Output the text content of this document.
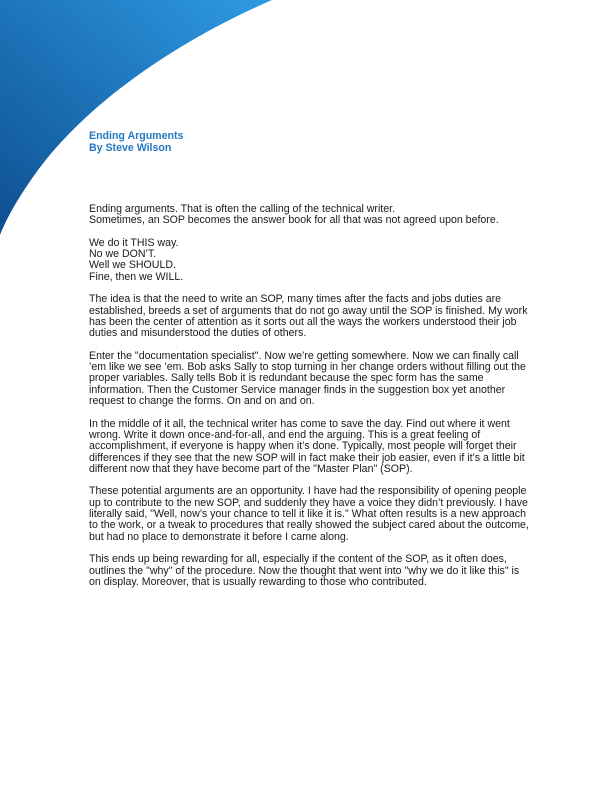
Ending Arguments
By Steve Wilson

Ending arguments. That is often the calling of the technical writer.
Sometimes, an SOP becomes the answer book for all that was not agreed upon before.

We do it THIS way.
No we DON’T.
Well we SHOULD.
Fine, then we WILL.

The idea is that the need to write an SOP, many times after the facts and jobs duties are established, breeds a set of arguments that do not go away until the SOP is finished. My work has been the center of attention as it sorts out all the ways the workers understood their job duties and misunderstood the duties of others.

Enter the "documentation specialist". Now we’re getting somewhere. Now we can finally call ’em like we see ’em. Bob asks Sally to stop turning in her change orders without filling out the proper variables. Sally tells Bob it is redundant because the spec form has the same information. Then the Customer Service manager finds in the suggestion box yet another request to change the forms. On and on and on.

In the middle of it all, the technical writer has come to save the day. Find out where it went wrong. Write it down once-and-for-all, and end the arguing. This is a great feeling of accomplishment, if everyone is happy when it’s done. Typically, most people will forget their differences if they see that the new SOP will in fact make their job easier, even if it’s a little bit different now that they have become part of the "Master Plan" (SOP).

These potential arguments are an opportunity. I have had the responsibility of opening people up to contribute to the new SOP, and suddenly they have a voice they didn’t previously. I have literally said, "Well, now’s your chance to tell it like it is." What often results is a new approach to the work, or a tweak to procedures that really showed the subject cared about the outcome, but had no place to demonstrate it before I came along.

This ends up being rewarding for all, especially if the content of the SOP, as it often does, outlines the "why" of the procedure. Now the thought that went into "why we do it like this" is on display. Moreover, that is usually rewarding to those who contributed.
